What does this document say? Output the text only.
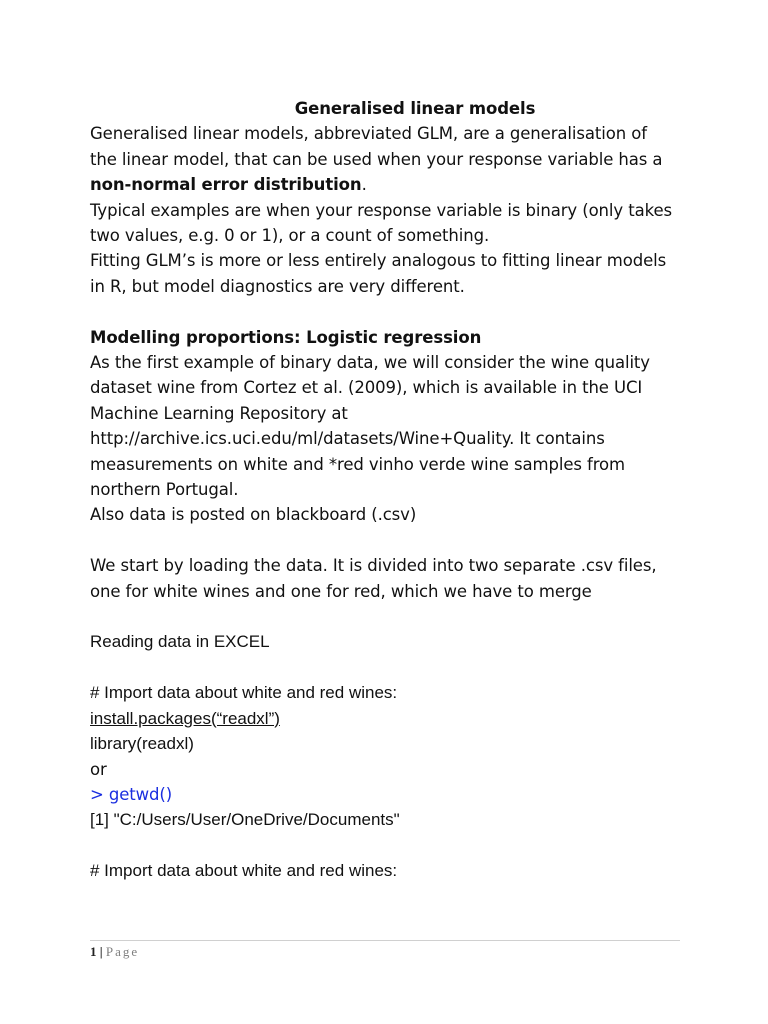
Generalised linear models
Generalised linear models, abbreviated GLM, are a generalisation of
the linear model, that can be used when your response variable has a
non-normal error distribution.
Typical examples are when your response variable is binary (only takes
two values, e.g. 0 or 1), or a count of something.
Fitting GLM’s is more or less entirely analogous to fitting linear models
in R, but model diagnostics are very different.
Modelling proportions: Logistic regression
As the first example of binary data, we will consider the wine quality
dataset wine from Cortez et al. (2009), which is available in the UCI
Machine Learning Repository at
http://archive.ics.uci.edu/ml/datasets/Wine+Quality. It contains
measurements on white and *red vinho verde wine samples from
northern Portugal.
Also data is posted on blackboard (.csv)
We start by loading the data. It is divided into two separate .csv files,
one for white wines and one for red, which we have to merge
Reading data in EXCEL
# Import data about white and red wines:
install.packages(“readxl”)
library(readxl)
or
> getwd()
[1] "C:/Users/User/OneDrive/Documents"
# Import data about white and red wines:
1 | Page
